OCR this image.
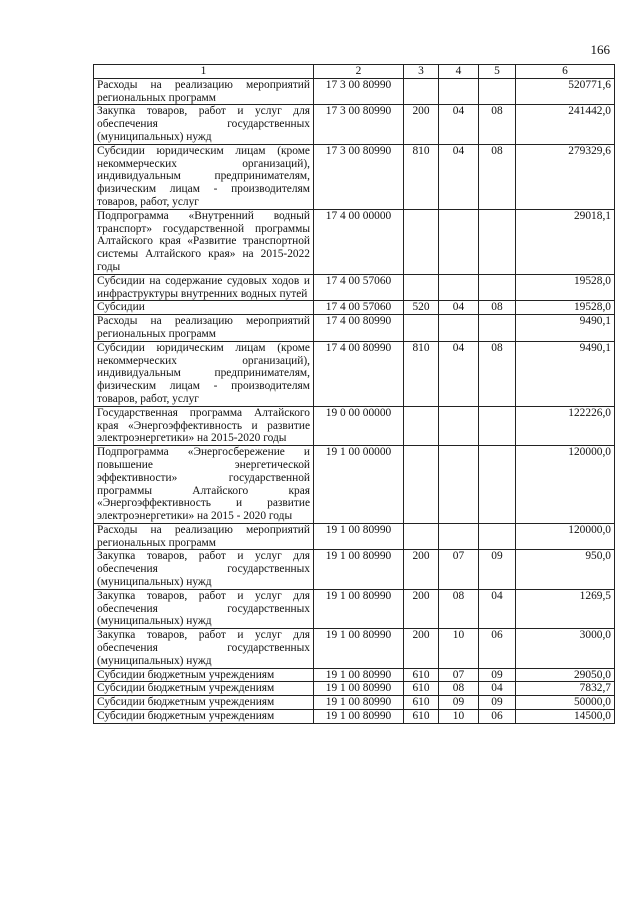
166
1	2	3	4	5	6
Расходы на реализацию мероприятий региональных программ	17 3 00 80990				520771,6
Закупка товаров, работ и услуг для обеспечения государственных (муниципальных) нужд	17 3 00 80990	200	04	08	241442,0
Субсидии юридическим лицам (кроме некоммерческих организаций), индивидуальным предпринимателям, физическим лицам - производителям товаров, работ, услуг	17 3 00 80990	810	04	08	279329,6
Подпрограмма «Внутренний водный транспорт» государственной программы Алтайского края «Развитие транспортной системы Алтайского края» на 2015-2022 годы	17 4 00 00000				29018,1
Субсидии на содержание судовых ходов и инфраструктуры внутренних водных путей	17 4 00 57060				19528,0
Субсидии	17 4 00 57060	520	04	08	19528,0
Расходы на реализацию мероприятий региональных программ	17 4 00 80990				9490,1
Субсидии юридическим лицам (кроме некоммерческих организаций), индивидуальным предпринимателям, физическим лицам - производителям товаров, работ, услуг	17 4 00 80990	810	04	08	9490,1
Государственная программа Алтайского края «Энергоэффективность и развитие электроэнергетики» на 2015-2020 годы	19 0 00 00000				122226,0
Подпрограмма «Энергосбережение и повышение энергетической эффективности» государственной программы Алтайского края «Энергоэффективность и развитие электроэнергетики» на 2015 - 2020 годы	19 1 00 00000				120000,0
Расходы на реализацию мероприятий региональных программ	19 1 00 80990				120000,0
Закупка товаров, работ и услуг для обеспечения государственных (муниципальных) нужд	19 1 00 80990	200	07	09	950,0
Закупка товаров, работ и услуг для обеспечения государственных (муниципальных) нужд	19 1 00 80990	200	08	04	1269,5
Закупка товаров, работ и услуг для обеспечения государственных (муниципальных) нужд	19 1 00 80990	200	10	06	3000,0
Субсидии бюджетным учреждениям	19 1 00 80990	610	07	09	29050,0
Субсидии бюджетным учреждениям	19 1 00 80990	610	08	04	7832,7
Субсидии бюджетным учреждениям	19 1 00 80990	610	09	09	50000,0
Субсидии бюджетным учреждениям	19 1 00 80990	610	10	06	14500,0
